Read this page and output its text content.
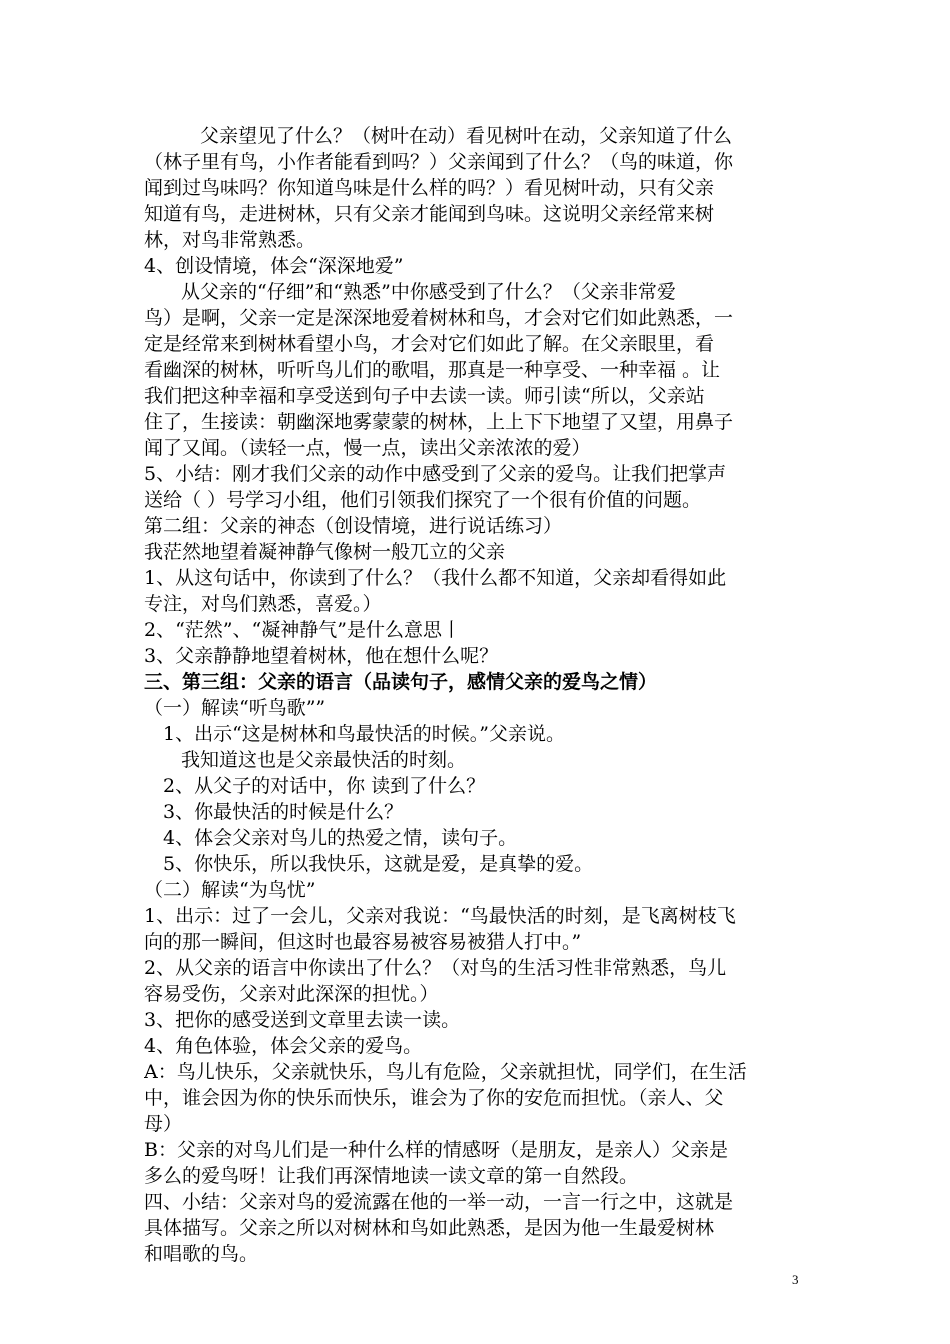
父亲望见了什么？（树叶在动）看见树叶在动，父亲知道了什么
（林子里有鸟，小作者能看到吗？）父亲闻到了什么？（鸟的味道，你
闻到过鸟味吗？你知道鸟味是什么样的吗？）看见树叶动，只有父亲
知道有鸟，走进树林，只有父亲才能闻到鸟味。这说明父亲经常来树
林，对鸟非常熟悉。
4、创设情境，体会“深深地爱”
从父亲的“仔细”和“熟悉”中你感受到了什么？（父亲非常爱
鸟）是啊，父亲一定是深深地爱着树林和鸟，才会对它们如此熟悉，一
定是经常来到树林看望小鸟，才会对它们如此了解。在父亲眼里，看
看幽深的树林，听听鸟儿们的歌唱，那真是一种享受、一种幸福 。让
我们把这种幸福和享受送到句子中去读一读。师引读“所以，父亲站
住了，生接读：朝幽深地雾蒙蒙的树林，上上下下地望了又望，用鼻子
闻了又闻。（读轻一点，慢一点，读出父亲浓浓的爱）
5、小结：刚才我们父亲的动作中感受到了父亲的爱鸟。让我们把掌声
送给（ ）号学习小组，他们引领我们探究了一个很有价值的问题。
第二组：父亲的神态（创设情境，进行说话练习）
我茫然地望着凝神静气像树一般兀立的父亲
1、从这句话中，你读到了什么？（我什么都不知道，父亲却看得如此
专注，对鸟们熟悉，喜爱。）
2、“茫然”、“凝神静气”是什么意思丨
3、父亲静静地望着树林，他在想什么呢？
三、第三组：父亲的语言（品读句子，感情父亲的爱鸟之情）
（一）解读“听鸟歌””
1、出示“这是树林和鸟最快活的时候。”父亲说。
我知道这也是父亲最快活的时刻。
2、从父子的对话中，你 读到了什么？
3、你最快活的时候是什么？
4、体会父亲对鸟儿的热爱之情，读句子。
5、你快乐，所以我快乐，这就是爱，是真挚的爱。
（二）解读“为鸟忧”
1、出示：过了一会儿，父亲对我说：“鸟最快活的时刻，是飞离树枝飞
向的那一瞬间，但这时也最容易被容易被猎人打中。”
2、从父亲的语言中你读出了什么？（对鸟的生活习性非常熟悉，鸟儿
容易受伤，父亲对此深深的担忧。）
3、把你的感受送到文章里去读一读。
4、角色体验，体会父亲的爱鸟。
A：鸟儿快乐，父亲就快乐，鸟儿有危险，父亲就担忧，同学们，在生活
中，谁会因为你的快乐而快乐，谁会为了你的安危而担忧。（亲人、父
母）
B：父亲的对鸟儿们是一种什么样的情感呀（是朋友，是亲人）父亲是
多么的爱鸟呀！让我们再深情地读一读文章的第一自然段。
四、小结：父亲对鸟的爱流露在他的一举一动，一言一行之中，这就是
具体描写。父亲之所以对树林和鸟如此熟悉，是因为他一生最爱树林
和唱歌的鸟。
3
